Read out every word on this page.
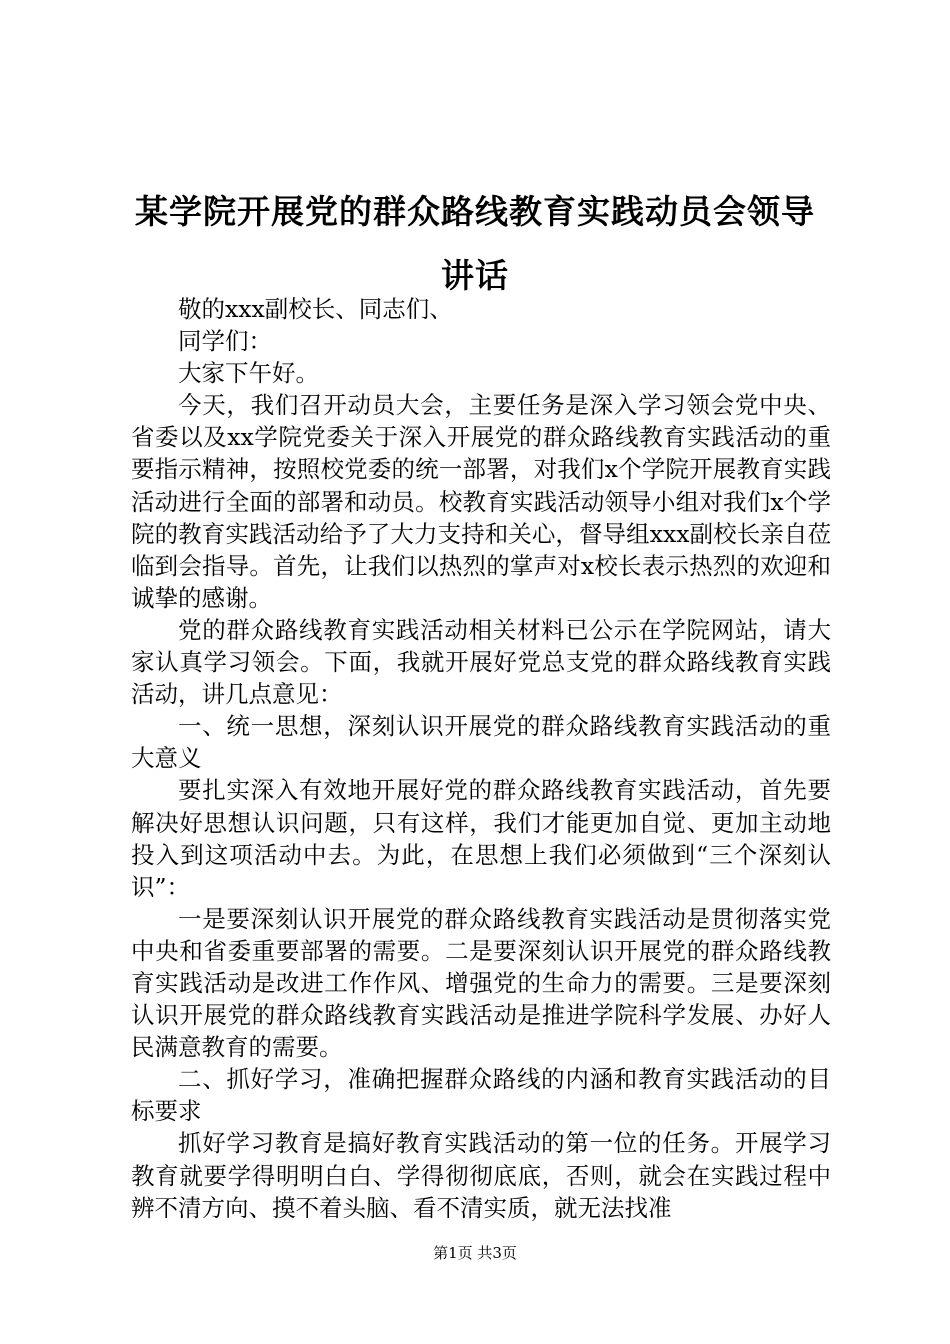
某学院开展党的群众路线教育实践动员会领导讲话

敬的xxx副校长、同志们、

同学们：

大家下午好。

今天，我们召开动员大会，主要任务是深入学习领会党中央、省委以及xx学院党委关于深入开展党的群众路线教育实践活动的重要指示精神，按照校党委的统一部署，对我们x个学院开展教育实践活动进行全面的部署和动员。校教育实践活动领导小组对我们x个学院的教育实践活动给予了大力支持和关心，督导组xxx副校长亲自莅临到会指导。首先，让我们以热烈的掌声对x校长表示热烈的欢迎和诚挚的感谢。

党的群众路线教育实践活动相关材料已公示在学院网站，请大家认真学习领会。下面，我就开展好党总支党的群众路线教育实践活动，讲几点意见：

一、统一思想，深刻认识开展党的群众路线教育实践活动的重大意义

要扎实深入有效地开展好党的群众路线教育实践活动，首先要解决好思想认识问题，只有这样，我们才能更加自觉、更加主动地投入到这项活动中去。为此，在思想上我们必须做到“三个深刻认识”：

一是要深刻认识开展党的群众路线教育实践活动是贯彻落实党中央和省委重要部署的需要。二是要深刻认识开展党的群众路线教育实践活动是改进工作作风、增强党的生命力的需要。三是要深刻认识开展党的群众路线教育实践活动是推进学院科学发展、办好人民满意教育的需要。

二、抓好学习，准确把握群众路线的内涵和教育实践活动的目标要求

抓好学习教育是搞好教育实践活动的第一位的任务。开展学习教育就要学得明明白白、学得彻彻底底，否则，就会在实践过程中辨不清方向、摸不着头脑、看不清实质，就无法找准

第1页 共3页
